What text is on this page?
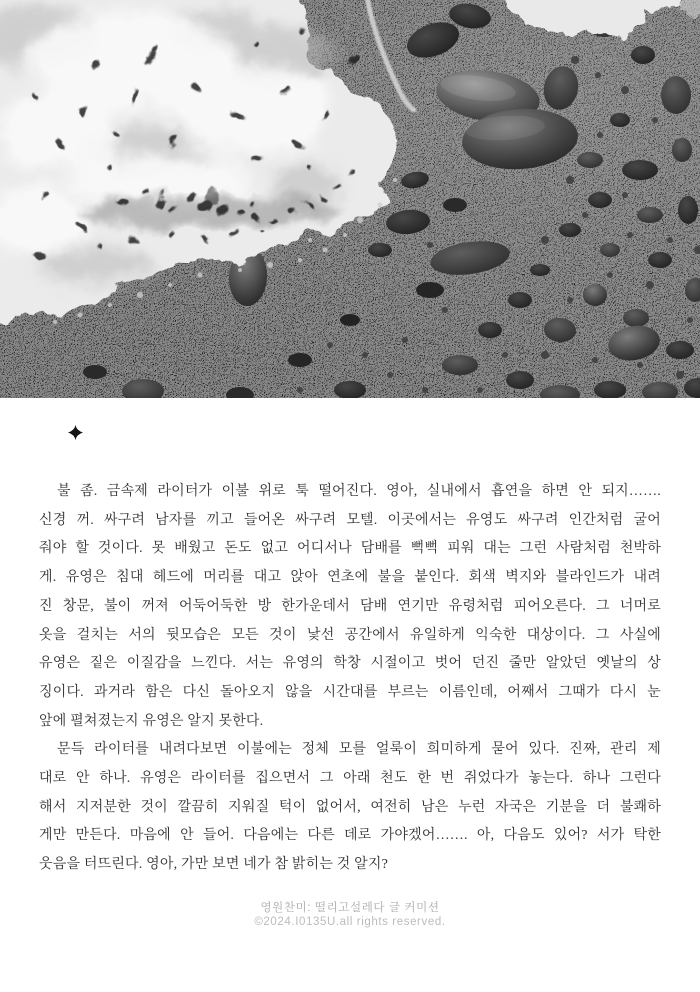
불 좀. 금속제 라이터가 이불 위로 툭 떨어진다. 영아, 실내에서 흡연을 하면 안 되지…….
신경 꺼. 싸구려 남자를 끼고 들어온 싸구려 모텔. 이곳에서는 유영도 싸구려 인간처럼 굴어
줘야 할 것이다. 못 배웠고 돈도 없고 어디서나 담배를 뻑뻑 피워 대는 그런 사람처럼 천박하
게. 유영은 침대 헤드에 머리를 대고 앉아 연초에 불을 붙인다. 회색 벽지와 블라인드가 내려
진 창문, 불이 꺼져 어둑어둑한 방 한가운데서 담배 연기만 유령처럼 피어오른다. 그 너머로
옷을 걸치는 서의 뒷모습은 모든 것이 낯선 공간에서 유일하게 익숙한 대상이다. 그 사실에
유영은 짙은 이질감을 느낀다. 서는 유영의 학창 시절이고 벗어 던진 줄만 알았던 옛날의 상
징이다. 과거라 함은 다신 돌아오지 않을 시간대를 부르는 이름인데, 어째서 그때가 다시 눈
앞에 펼쳐졌는지 유영은 알지 못한다.
문득 라이터를 내려다보면 이불에는 정체 모를 얼룩이 희미하게 묻어 있다. 진짜, 관리 제
대로 안 하나. 유영은 라이터를 집으면서 그 아래 천도 한 번 쥐었다가 놓는다. 하나 그런다
해서 지저분한 것이 깔끔히 지워질 턱이 없어서, 여전히 남은 누런 자국은 기분을 더 불쾌하
게만 만든다. 마음에 안 들어. 다음에는 다른 데로 가야겠어……. 아, 다음도 있어? 서가 탁한
웃음을 터뜨린다. 영아, 가만 보면 네가 참 밝히는 것 알지?
영원찬미: 떨리고설레다 글 커미션
©2024.I0135U.all rights reserved.
